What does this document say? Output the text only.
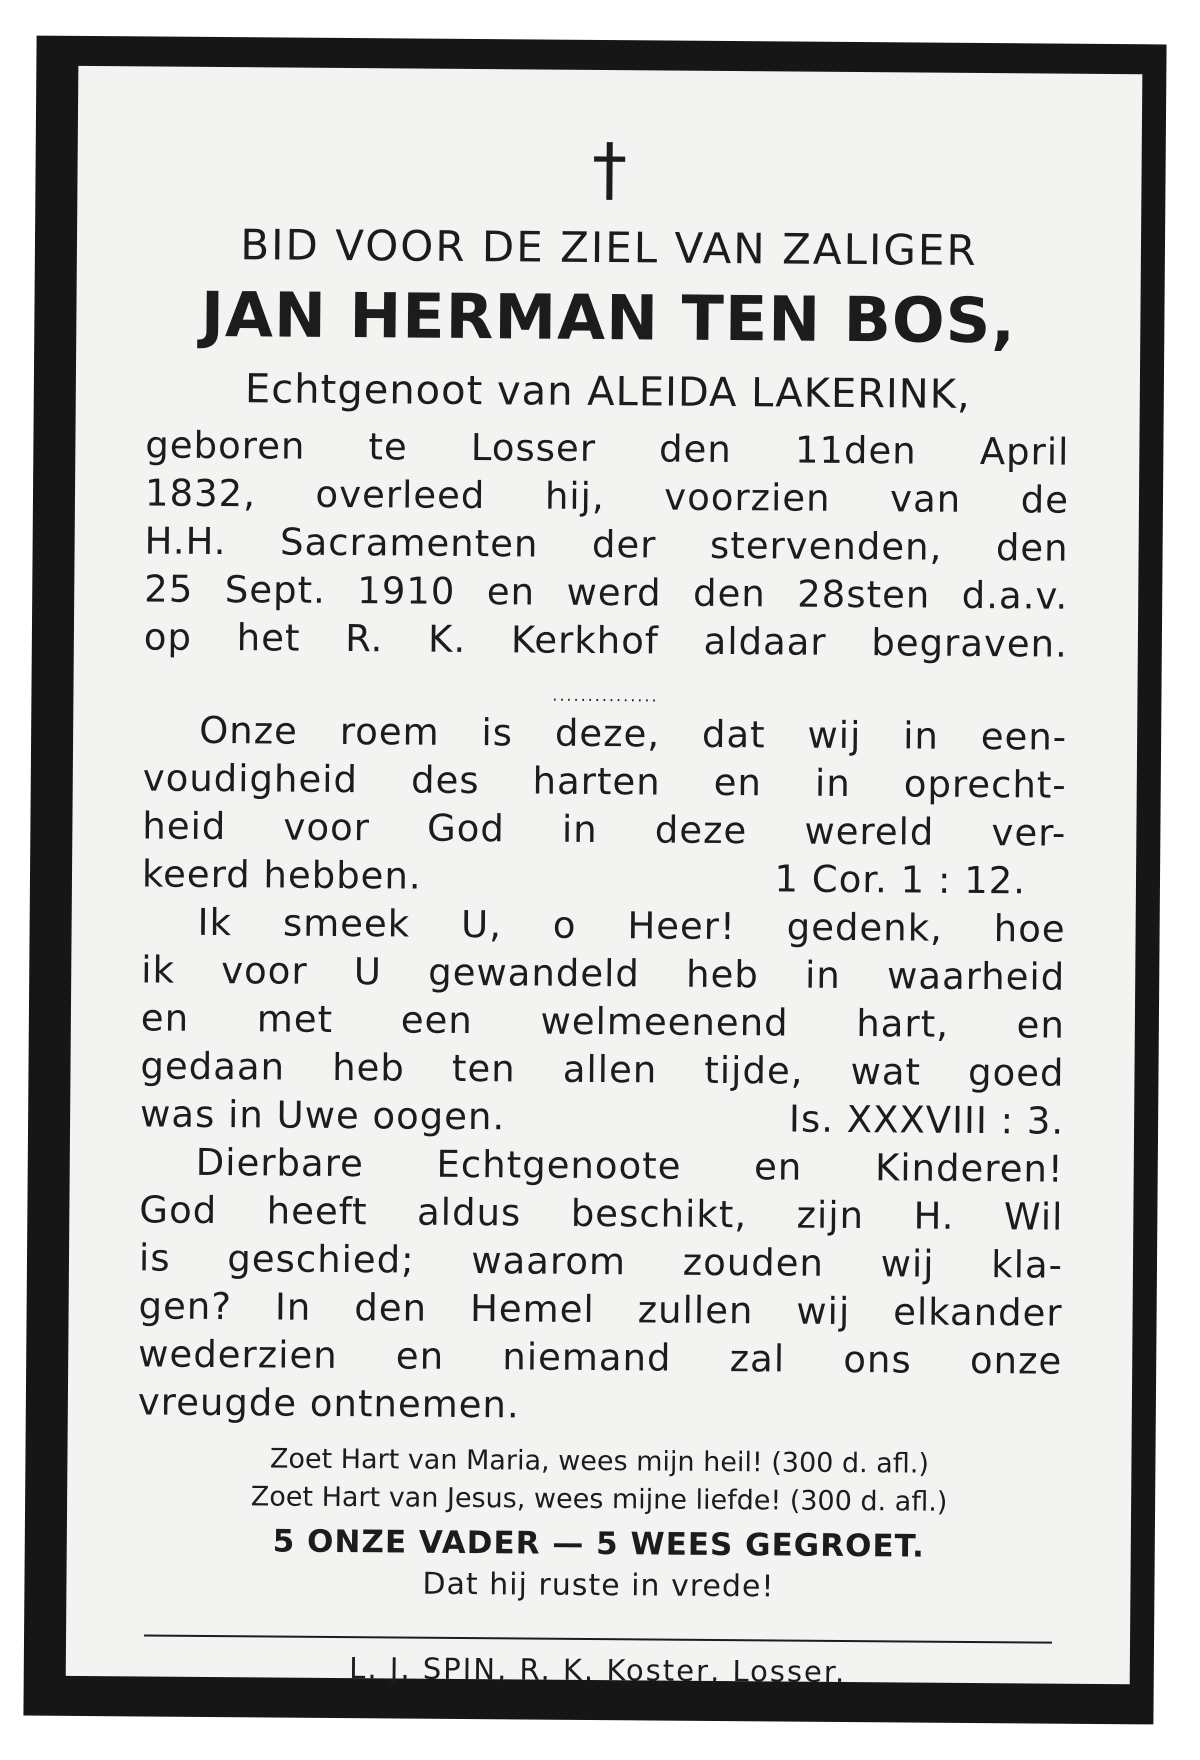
†
BID VOOR DE ZIEL VAN ZALIGER
JAN HERMAN TEN BOS,
Echtgenoot van ALEIDA LAKERINK,
geboren te Losser den 11den April
1832, overleed hij, voorzien van de
H.H. Sacramenten der stervenden, den
25 Sept. 1910 en werd den 28sten d.a.v.
op het R. K. Kerkhof aldaar begraven.
...............
Onze roem is deze, dat wij in een-
voudigheid des harten en in oprecht-
heid voor God in deze wereld ver-
keerd hebben.	1 Cor. 1 : 12.
Ik smeek U, o Heer! gedenk, hoe
ik voor U gewandeld heb in waarheid
en met een welmeenend hart, en
gedaan heb ten allen tijde, wat goed
was in Uwe oogen.	Is. XXXVIII : 3.
Dierbare Echtgenoote en Kinderen!
God heeft aldus beschikt, zijn H. Wil
is geschied; waarom zouden wij kla-
gen? In den Hemel zullen wij elkander
wederzien en niemand zal ons onze
vreugde ontnemen.
Zoet Hart van Maria, wees mijn heil! (300 d. afl.)
Zoet Hart van Jesus, wees mijne liefde! (300 d. afl.)
5 ONZE VADER — 5 WEES GEGROET.
Dat hij ruste in vrede!
L. J. SPIN, R. K. Koster, Losser.
